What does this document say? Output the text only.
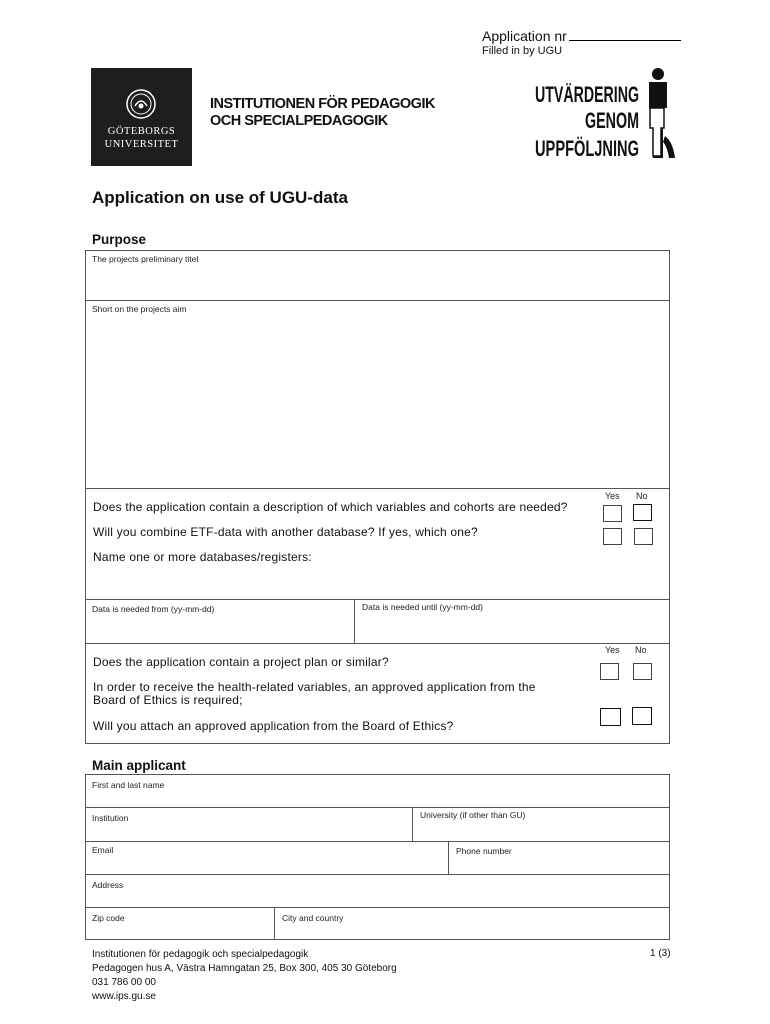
Application nr
Filled in by UGU
GÖTEBORGS
UNIVERSITET
INSTITUTIONEN FÖR PEDAGOGIK
OCH SPECIALPEDAGOGIK
UTVÄRDERING
GENOM
UPPFÖLJNING
Application on use of UGU-data
Purpose
The projects preliminary titel
Short on the projects aim
Yes No
Does the application contain a description of which variables and cohorts are needed?
Will you combine ETF-data with another database? If yes, which one?
Name one or more databases/registers:
Data is needed from (yy-mm-dd)	Data is needed until (yy-mm-dd)
Yes No
Does the application contain a project plan or similar?
In order to receive the health-related variables, an approved application from the
Board of Ethics is required;
Will you attach an approved application from the Board of Ethics?
Main applicant
First and last name
Institution	University (if other than GU)
Email	Phone number
Address
Zip code	City and country
Institutionen för pedagogik och specialpedagogik
Pedagogen hus A, Västra Hamngatan 25, Box 300, 405 30 Göteborg
031 786 00 00
www.ips.gu.se
1 (3)
